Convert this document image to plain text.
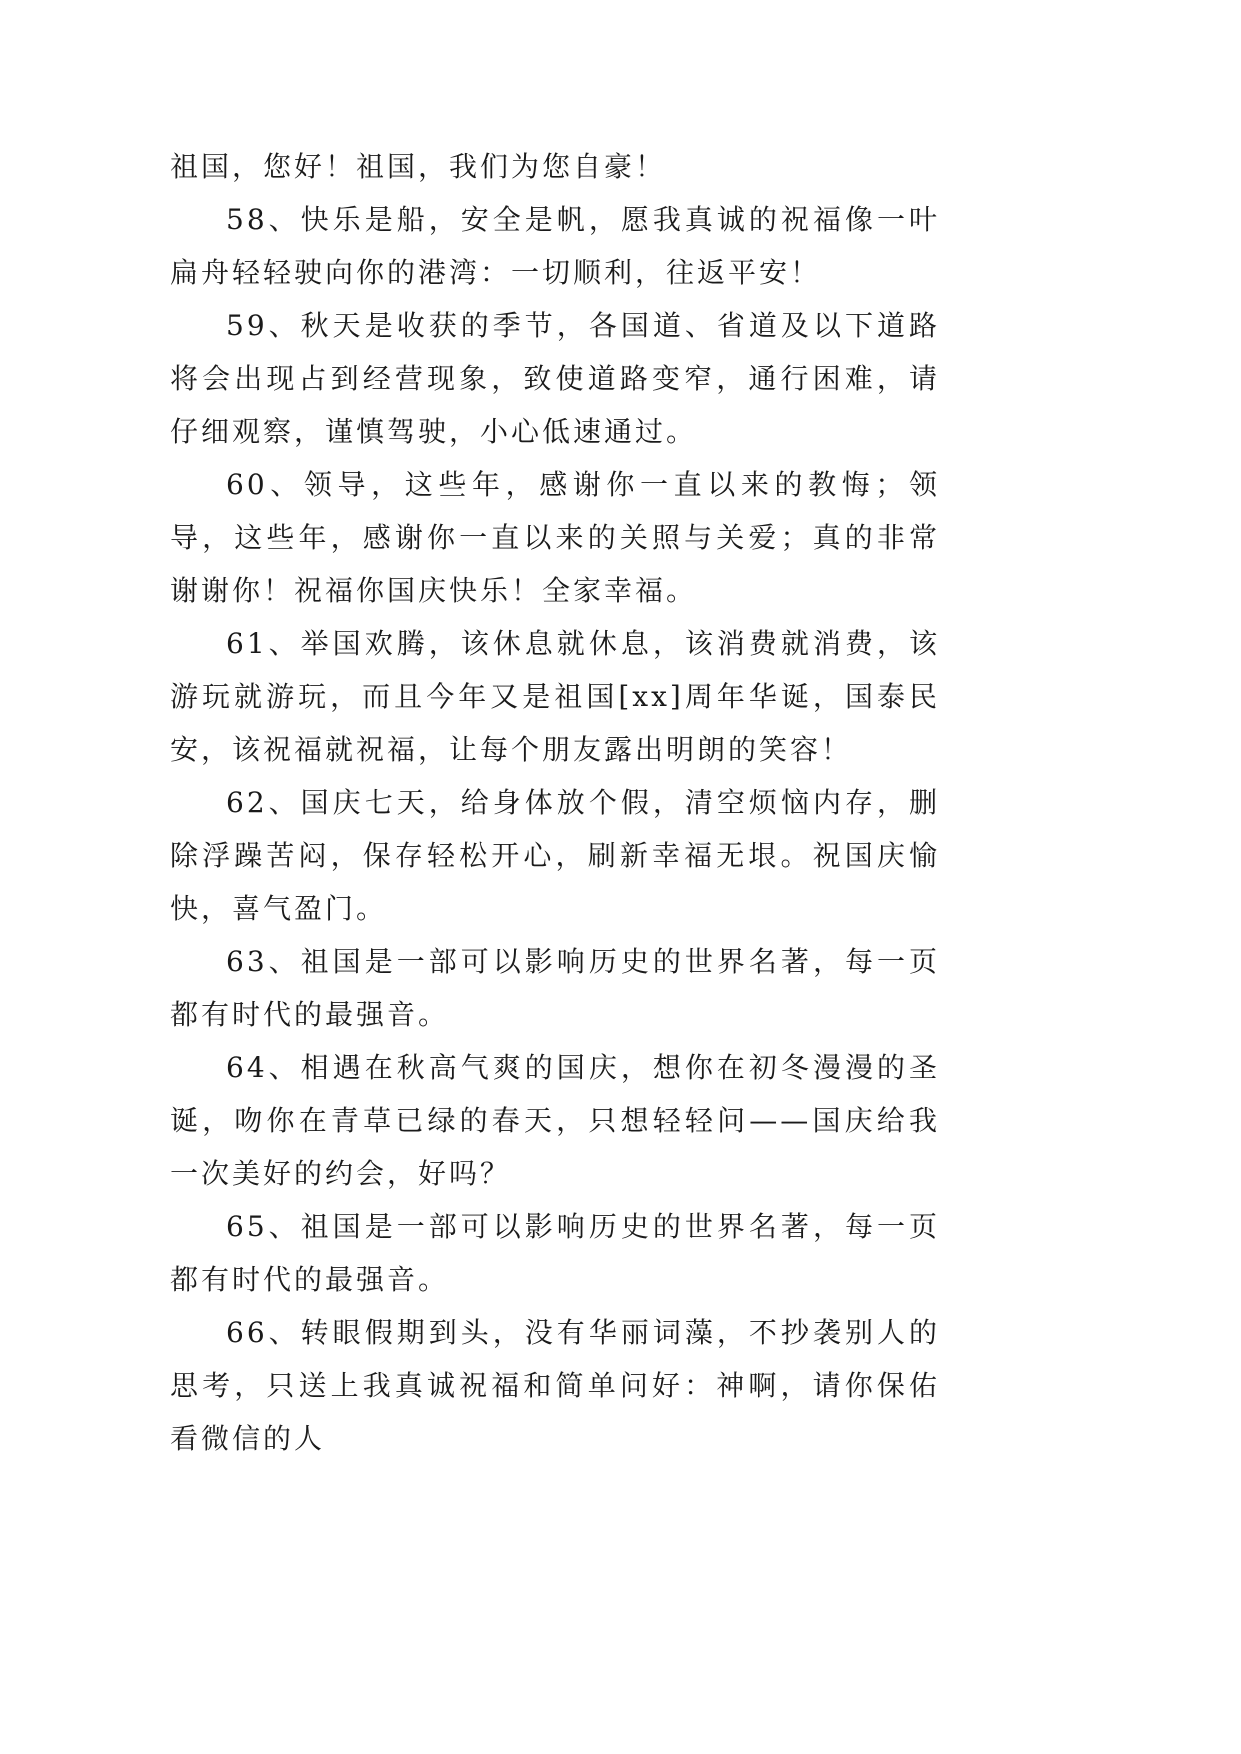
祖国，您好！祖国，我们为您自豪！

58、快乐是船，安全是帆，愿我真诚的祝福像一叶扁舟轻轻驶向你的港湾：一切顺利，往返平安！

59、秋天是收获的季节，各国道、省道及以下道路将会出现占到经营现象，致使道路变窄，通行困难，请仔细观察，谨慎驾驶，小心低速通过。

60、领导，这些年，感谢你一直以来的教悔；领导，这些年，感谢你一直以来的关照与关爱；真的非常谢谢你！祝福你国庆快乐！全家幸福。

61、举国欢腾，该休息就休息，该消费就消费，该游玩就游玩，而且今年又是祖国[xx]周年华诞，国泰民安，该祝福就祝福，让每个朋友露出明朗的笑容！

62、国庆七天，给身体放个假，清空烦恼内存，删除浮躁苦闷，保存轻松开心，刷新幸福无垠。祝国庆愉快，喜气盈门。

63、祖国是一部可以影响历史的世界名著，每一页都有时代的最强音。

64、相遇在秋高气爽的国庆，想你在初冬漫漫的圣诞，吻你在青草已绿的春天，只想轻轻问——国庆给我一次美好的约会，好吗？

65、祖国是一部可以影响历史的世界名著，每一页都有时代的最强音。

66、转眼假期到头，没有华丽词藻，不抄袭别人的思考，只送上我真诚祝福和简单问好：神啊，请你保佑看微信的人
